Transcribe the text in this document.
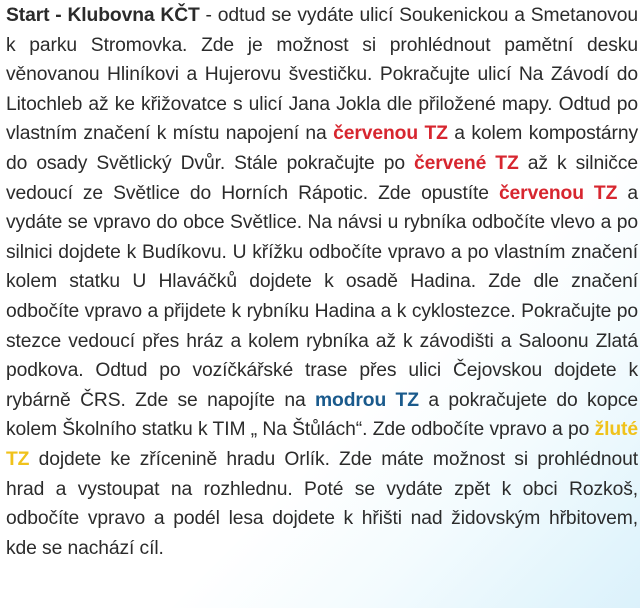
Start - Klubovna KČT - odtud se vydáte ulicí Soukenickou a Smetanovou k parku Stromovka. Zde je možnost si prohlédnout pamětní desku věnovanou Hliníkovi a Hujerovu švestičku. Pokračujte ulicí Na Závodí do Litochleb až ke křižovatce s ulicí Jana Jokla dle přiložené mapy. Odtud po vlastním značení k místu napojení na červenou TZ a kolem kompostárny do osady Světlický Dvůr. Stále pokračujte po červené TZ až k silničce vedoucí ze Světlice do Horních Rápotic. Zde opustíte červenou TZ a vydáte se vpravo do obce Světlice. Na návsi u rybníka odbočíte vlevo a po silnici dojdete k Budíkovu. U křížku odbočíte vpravo a po vlastním značení kolem statku U Hlaváčků dojdete k osadě Hadina. Zde dle značení odbočíte vpravo a přijdete k rybníku Hadina a k cyklostezce. Pokračujte po stezce vedoucí přes hráz a kolem rybníka až k závodišti a Saloonu Zlatá podkova. Odtud po vozíčkářské trase přes ulici Čejovskou dojdete k rybárně ČRS. Zde se napojíte na modrou TZ a pokračujete do kopce kolem Školního statku k TIM „ Na Štůlách“. Zde odbočíte vpravo a po žluté TZ dojdete ke zřícenině hradu Orlík. Zde máte možnost si prohlédnout hrad a vystoupat na rozhlednu. Poté se vydáte zpět k obci Rozkoš, odbočíte vpravo a podél lesa dojdete k hřišti nad židovským hřbitovem, kde se nachází cíl.
